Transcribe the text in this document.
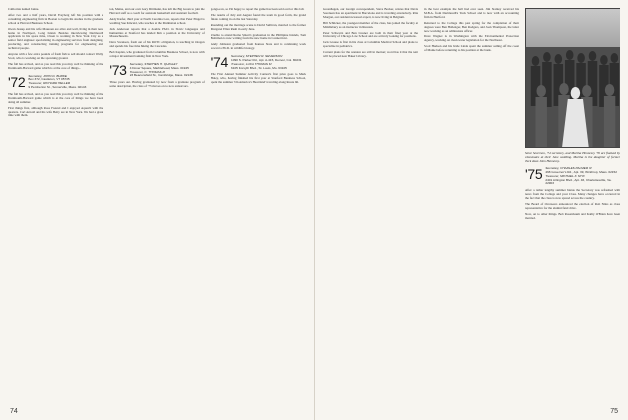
California named Janne.

After two and a half years, David Freyberg left his position with a consulting engineering firm in Boston to begin his studies in the graduate school at Harvard Business School.

Owen Jessup and his wife Maureen are alive and well, living in their new home in Northport, Long Island. Besides interviewing Dartmouth applicants in his spare time, Owen is working in New York City as a senior field engineer specializing in engineering services from designing, producing, and constructing training programs for engineering and technical people.

Anyone with a few extra pounds of fresh fish to sell should contact Wally Scott, who is working on the spawning ground.

The fall has arrived, and as you read this you may well be thinking of the Dartmouth-Harvard game which is at the core of things...

'72 Secretary, JOHN D. BURKE
Box 372, Castleton, VT 05735
Treasurer, RICHARD HELLER
9 Pemberton St., Somerville, Mass. 02143

The fall has arrived, and as you read this you may well be thinking of the Dartmouth-Harvard game which is at the core of things we have been doing all summer.

First things first, although Ross Freund and I enjoyed Aquavit with the quartets. Carl Arnold and his wife Betty are in New York. We had a great time with them.

ton, Maine, and our own Gary Dittmann, has left the Big Green to join the Harvard staff as a coach for assistant basketball and assistant football.

Andy Kiefer, third year at North Carolina Law, reports that Peter Pingel is wedding Sue Kincaid, who teaches at the Manhattan school.

Jack Anderson reports that a double Ph.D. in Slavic languages and humanities at Stanford has landed him a position at the University of Massachusetts.

Dave Swanson, fresh out of his ROTC obligation, is teaching in Oregon and spends his free time hiking the Cascades.

Bob Kaplan, who graduated from Columbia Business School, is now with a major investment banking firm in New York.

'73 Secretary, STEPHEN H. QUIGLEY
4 Dover Square, Marblehead, Mass. 01945
Treasurer, C. THOMAS III
23 Beaconsfield St., Cambridge, Mass. 02138

Three years out. Having graduated by now from a graduate program of some description, the class of '73 moves on to new endeavors.

gonga-ron, so I'm happy to report the game has been sold out for this fall.

The results of July and August found the team in good form, the grand finale coming in on the last Saturday.

Rounding out the marriage scene is David Sullivan, married to the former Margaret Ellen Rush in early June.

Unable to attend Rome Smart's graduation in the Phillipine Islands, Tom Bohrman is now writing from the new home in Connecticut.

Andy Johnston graduated from Kansas State and is continuing work toward a Ph.D. in wildlife biology.

'74 Secretary, STEPHEN R. SEVERSON
1090 S. Parker Rd., Apt. A-415, Denver, Col. 80231
Treasurer, LUCA THOMAS M
6105 Forsyth Blvd., St. Louis, Mo. 63105

The First Annual Summer Activity Contest's first prize goes to Mark Haley, who, having finished his first year at Stanford Business School, spent the summer 'On America's Heartland' traveling along Route 66.

74

Greenhagen, our foreign correspondent, Steve Becker, relates that Davis Sorensen has an apartment in Barcelona and is traveling extensively. Rita Morgan, our resident newsreel expert, is now living in Belgium.

Bill Schlicker, the youngest member of the class, has joined the faculty at Middlebury as an instructor in Russian.

Peter Schwartz and Ben Lissner are both in their final year at the University of Chicago Law School and are actively looking for positions.

Jack Grouse is first in his class at Columbia Medical School and plans to specialize in pediatrics.

Current plans for the reunion are still in motion; word has it that the tent will be placed near Baker Library.

in the best example the hall had ever seen. Jim Stanley received his M.B.A. from Dartmouth's Tuck School and is now with an accounting firm in Hartford.

Returned to the College this past spring for the completion of their degrees were Ben Hallenger, Ben Rodgers, and Joan Thompson, the latter now working as an admissions officer.

Dave Wagner is in Washington with the Environmental Protection Agency, working on clean water legislation for the Northeast.

Scott Hudson and his bride Linda spent the summer sailing off the coast of Maine before returning to his position at the bank.

Steve Severson, '74 secretary, and Martha Hennessy '76 are flanked by classmates at their June wedding. Martha is the daughter of former Tuck dean John Hennessy.

'75 Secretary, CHARLES PALMER IV
468 Governor's Rd., Apt. 39, Winthrop, Mass. 02152
Treasurer, MICHAEL F. STIX
2401 Arlington Blvd., Apt. 46, Charlottesville, Va. 22903

After a rather lengthy summer hiatus the Secretary was refreshed with news from the College and your Class. Many changes have occurred in the fact that the class is now spread across the country.

The Board of Overseers announced the election of Rob Niles as class representative for the alumni fund drive.

Now, on to other things. Bob Rosenbaum and Kathy O'Brien have been married.

75
